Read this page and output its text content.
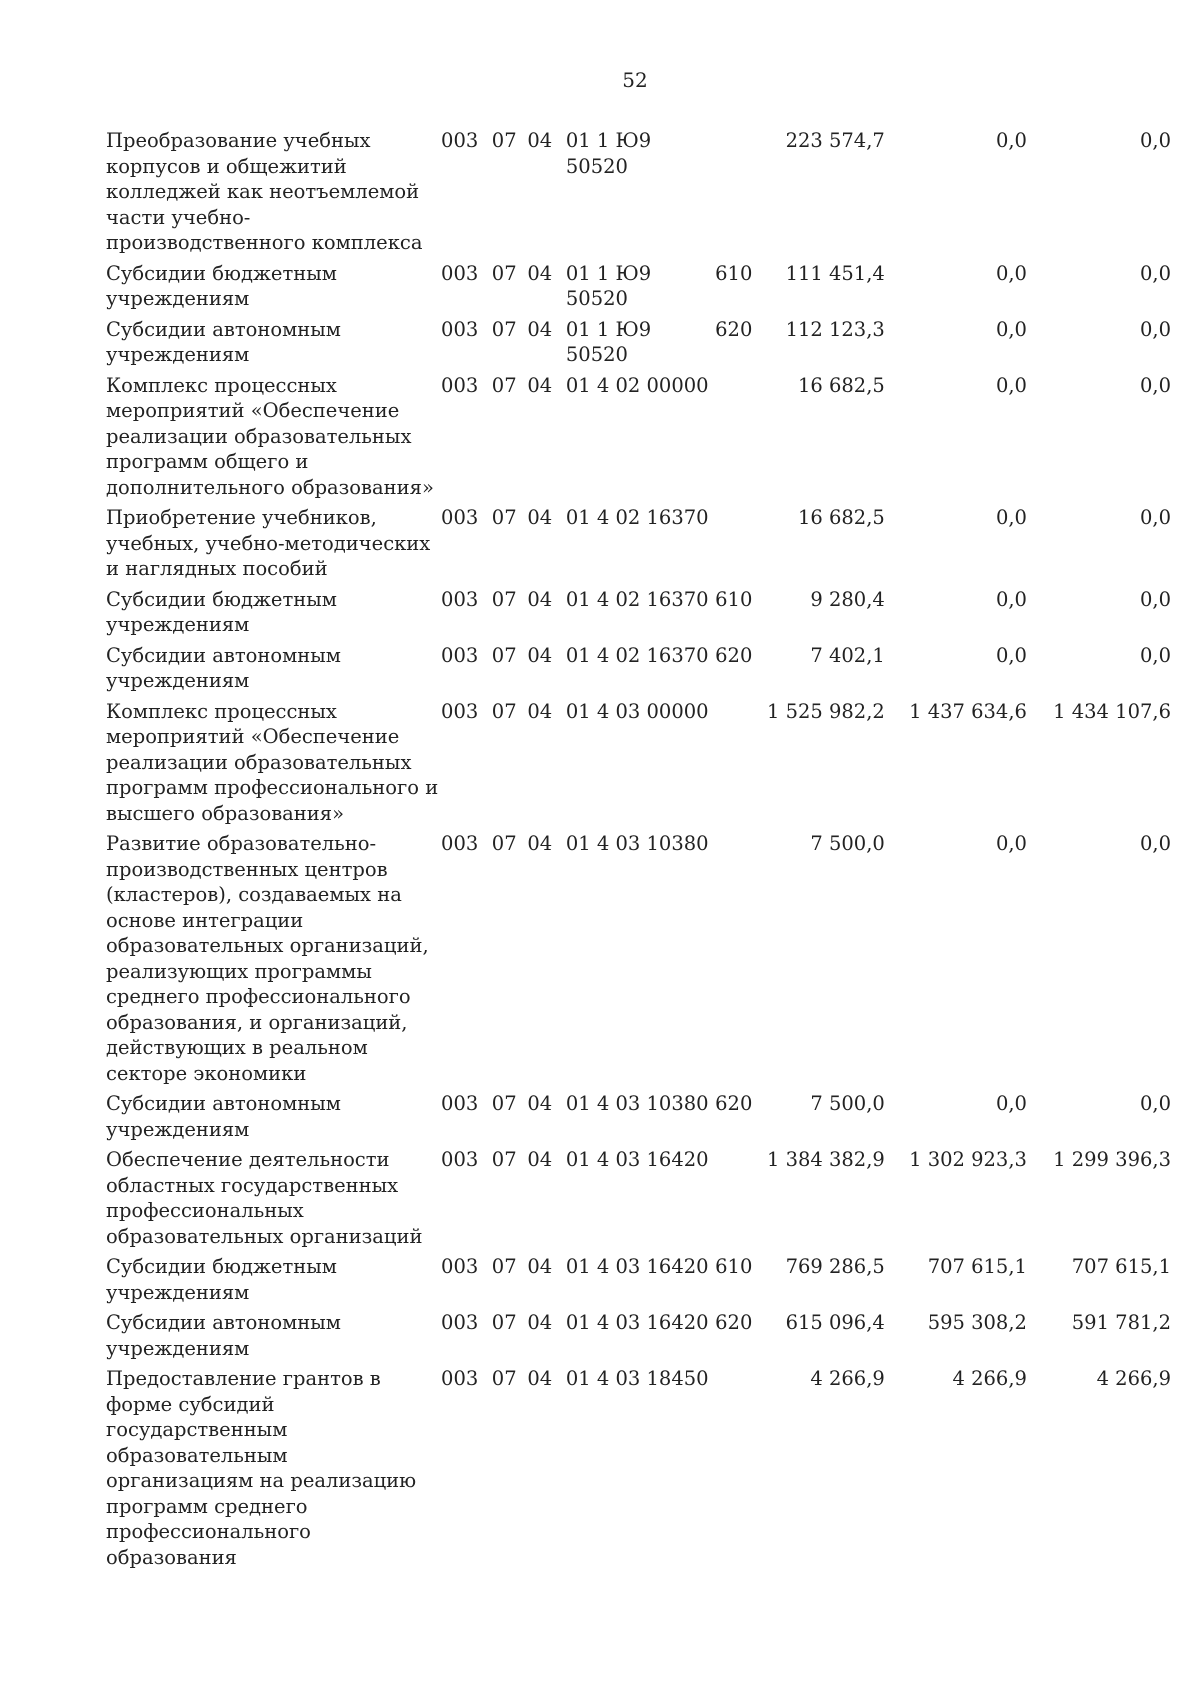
52
Преобразование учебных корпусов и общежитий колледжей как неотъемлемой части учебно-производственного комплекса	003	07	04	01 1 Ю9 50520		223 574,7	0,0	0,0
Субсидии бюджетным учреждениям	003	07	04	01 1 Ю9 50520	610	111 451,4	0,0	0,0
Субсидии автономным учреждениям	003	07	04	01 1 Ю9 50520	620	112 123,3	0,0	0,0
Комплекс процессных мероприятий «Обеспечение реализации образовательных программ общего и дополнительного образования»	003	07	04	01 4 02 00000		16 682,5	0,0	0,0
Приобретение учебников, учебных, учебно-методических и наглядных пособий	003	07	04	01 4 02 16370		16 682,5	0,0	0,0
Субсидии бюджетным учреждениям	003	07	04	01 4 02 16370	610	9 280,4	0,0	0,0
Субсидии автономным учреждениям	003	07	04	01 4 02 16370	620	7 402,1	0,0	0,0
Комплекс процессных мероприятий «Обеспечение реализации образовательных программ профессионального и высшего образования»	003	07	04	01 4 03 00000		1 525 982,2	1 437 634,6	1 434 107,6
Развитие образовательно-производственных центров (кластеров), создаваемых на основе интеграции образовательных организаций, реализующих программы среднего профессионального образования, и организаций, действующих в реальном секторе экономики	003	07	04	01 4 03 10380		7 500,0	0,0	0,0
Субсидии автономным учреждениям	003	07	04	01 4 03 10380	620	7 500,0	0,0	0,0
Обеспечение деятельности областных государственных профессиональных образовательных организаций	003	07	04	01 4 03 16420		1 384 382,9	1 302 923,3	1 299 396,3
Субсидии бюджетным учреждениям	003	07	04	01 4 03 16420	610	769 286,5	707 615,1	707 615,1
Субсидии автономным учреждениям	003	07	04	01 4 03 16420	620	615 096,4	595 308,2	591 781,2
Предоставление грантов в форме субсидий государственным образовательным организациям на реализацию программ среднего профессионального образования	003	07	04	01 4 03 18450		4 266,9	4 266,9	4 266,9
